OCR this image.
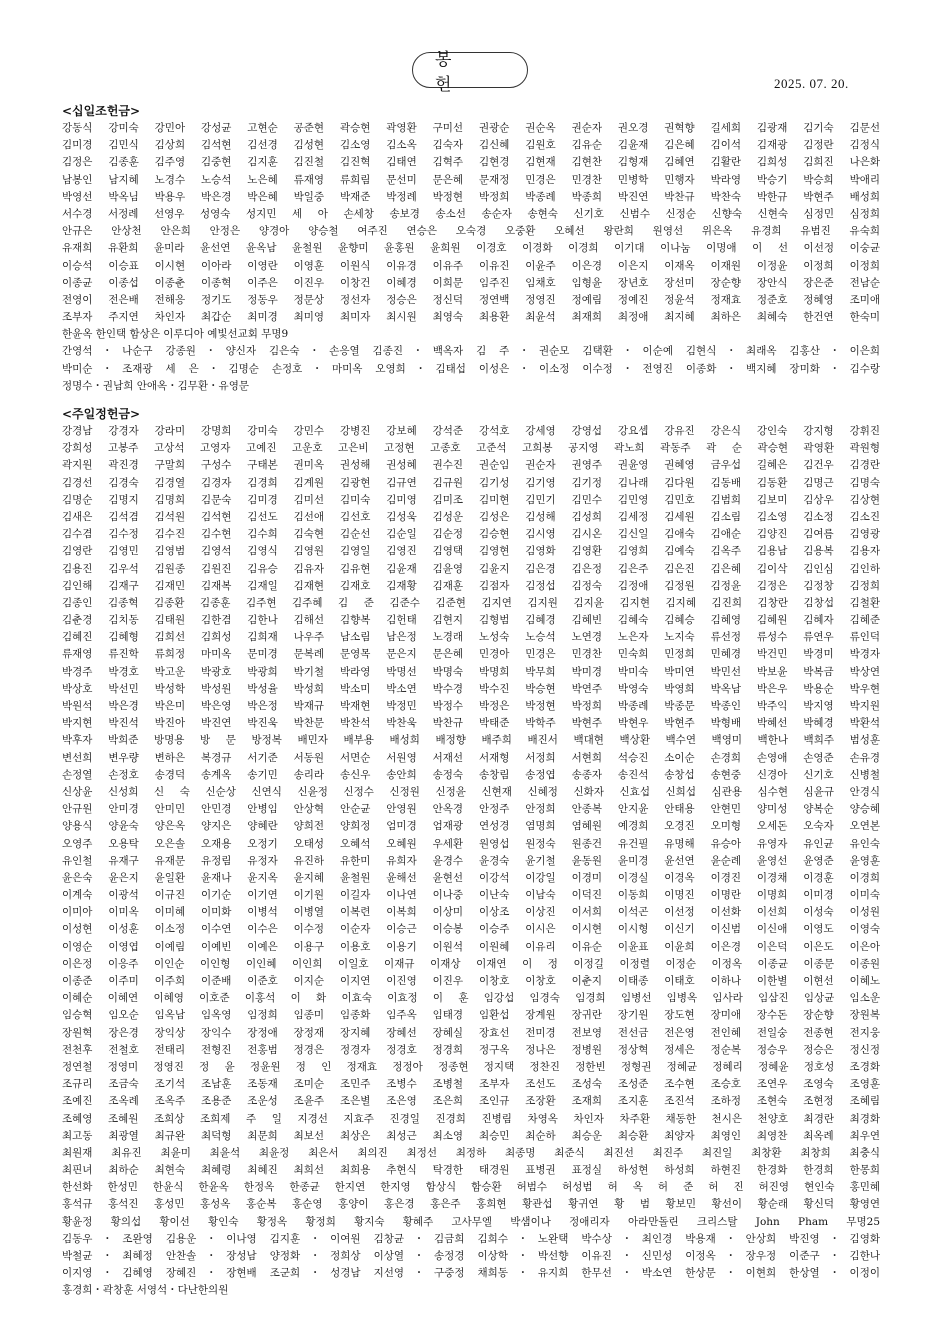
봉 헌	2025. 07. 20.
<십일조헌금>
강동식 강미숙 강민아 강성균 고현순 공준현 곽승현 곽영환 구미선 권광순 권순옥 권순자 권오경 권혁향 길세희 김광재 김기숙 김문선
김미경 김민식 김상희 김석현 김선경 김성현 김소영 김소옥 김숙자 김신혜 김원호 김유순 김윤재 김은혜 김이석 김재광 김정란 김정식
김정은 김종훈 김주영 김중현 김지훈 김진철 김진혁 김태연 김혁주 김현경 김현재 김현찬 김형재 김혜연 김활란 김희성 김희진 나은화
남봉인 남지혜 노경수 노승석 노은혜 류재영 류희림 문선미 문은혜 문재정 민경은 민경찬 민병학 민행자 박라영 박승기 박승희 박애리
박영선 박옥님 박용우 박은경 박은혜 박일중 박재준 박정례 박정현 박정희 박종례 박종희 박진연 박찬규 박찬숙 박한규 박현주 배성희
서수경 서정례 선영우 성영숙 성지민 세 아 손세창 송보경 송소선 송순자 송현숙 신기호 신범수 신정순 신향숙 신현숙 심정민 심정희
안규은 안상천 안은희 안정은 양경아 양승철 여주진 연승은 오숙경 오중환 오혜선 왕란희 원영선 위은옥 유경희 유범진 유숙희
유재희 유환희 윤미라 윤선연 윤옥남 윤철원 윤향미 윤홍원 윤희원 이경호 이경화 이경희 이기대 이나눔 이명애 이 선 이선정 이숭균
이승석 이승표 이시현 이아라 이영란 이영훈 이원식 이유경 이유주 이유진 이윤주 이은경 이은지 이재옥 이재원 이정윤 이정희 이정희
이종균 이종섭 이종춘 이종혁 이주은 이진우 이창건 이혜경 이희문 임주진 임채호 임형윤 장년호 장선미 장순향 장안식 장은준 전남순
전영이 전은배 전해응 정기도 정동우 정문상 정선자 정승은 정신덕 정연백 정영진 정예림 정예진 정윤석 정재효 정준호 정혜영 조미애
조부자 주지연 차인자 최갑순 최미경 최미영 최미자 최시원 최영숙 최용환 최윤석 최재희 최정애 최지혜 최하은 최혜숙 한건연 한숙미
한윤옥 한인택 함상은 이루디아 예빛선교회 무명9
간영석・나순구 강종원・양신자 김은숙・손응열 김종진・백옥자 김 주・권순모 김택환・이순예 김현식・최래옥 김홍산・이은희
박미순・조재광 세 은・김명순 손정호・마미옥 오영희・김태섭 이성은・이소정 이수정・전영진 이종화・백지혜 장미화・김수랑
정명수・권남희 안애옥・김무환・유영문
<주일정헌금>
강경남 강경자 강라미 강명희 강미숙 강민수 강병진 강보혜 강석준 강석호 강세영 강영섭 강요셉 강유진 강은식 강인숙 강지형 강휘진
강희성 고봉주 고상석 고영자 고예진 고운호 고은비 고정현 고종호 고준석 고희봉 공지영 곽노희 곽동주 곽 순 곽승현 곽영환 곽원형
곽지원 곽진경 구말희 구성수 구태본 권미옥 권성해 권성혜 권수진 권순임 권순자 권영주 권윤영 권혜영 금우섭 길혜은 김건우 김경란
김경선 김경숙 김경열 김경자 김경희 김계원 김광현 김규연 김규원 김기성 김기영 김기정 김나래 김다원 김동배 김동환 김명근 김명숙
김명순 김명지 김명희 김문숙 김미경 김미선 김미숙 김미영 김미조 김미현 김민기 김민수 김민영 김민호 김범희 김보미 김상우 김상현
김새은 김석겸 김석원 김석현 김선도 김선애 김선호 김성욱 김성운 김성은 김성해 김성희 김세정 김세원 김소림 김소영 김소정 김소진
김수겸 김수정 김수진 김수현 김수희 김숙현 김순선 김순일 김순정 김승현 김시영 김시온 김신일 김애숙 김애순 김양진 김여름 김영광
김영란 김영민 김영범 김영석 김영식 김영원 김영일 김영진 김영택 김영현 김영화 김영환 김영희 김예숙 김옥주 김용남 김용복 김용자
김용진 김우석 김원종 김원진 김유승 김유자 김유현 김윤재 김윤영 김윤지 김은경 김은정 김은주 김은진 김은혜 김이삭 김인심 김인하
김인해 김재구 김재민 김재복 김재일 김재현 김재호 김재황 김재훈 김점자 김정섭 김정숙 김정애 김정원 김정윤 김정은 김정창 김정희
김종인 김종혁 김종환 김종훈 김주현 김주혜 김 준 김준수 김준현 김지연 김지원 김지윤 김지현 김지혜 김진희 김창란 김창섭 김철환
김춘경 김치동 김태원 김한겸 김한나 김해선 김향복 김헌태 김현지 김형범 김혜경 김혜빈 김혜숙 김혜승 김혜영 김혜원 김혜자 김혜준
김혜진 김혜형 김희선 김희성 김희재 나우주 남소림 남은정 노경래 노성숙 노승석 노연경 노은자 노지숙 류선정 류성수 류연우 류인덕
류재영 류진학 류희정 마미옥 문미경 문복례 문영목 문은지 문은혜 민경아 민경은 민경찬 민숙희 민정희 민혜경 박건민 박경미 박경자
박경주 박경호 박고운 박광호 박광희 박기철 박라영 박명선 박명숙 박명희 박무희 박미경 박미숙 박미연 박민선 박보윤 박복금 박상연
박상호 박선민 박성학 박성원 박성율 박성희 박소미 박소연 박수경 박수진 박승현 박연주 박영숙 박영희 박옥남 박은우 박용순 박우현
박원석 박은경 박은미 박은영 박은정 박재규 박재현 박정민 박정수 박정은 박정현 박정희 박종례 박종문 박종인 박주익 박지영 박지원
박지현 박진석 박진아 박진연 박진욱 박찬문 박찬석 박찬욱 박찬규 박태준 박학주 박현주 박현우 박현주 박형배 박혜선 박혜경 박환석
박후자 박희준 방명용 방 문 방정복 배민자 배부용 배성희 배정향 배주희 배진서 백대현 백상환 백수연 백영미 백한나 백희주 범성훈
변선희 변우량 변하은 복경규 서기준 서동원 서면순 서원영 서재선 서재형 서정희 서현희 석승진 소이순 손경희 손영애 손영준 손유경
손정열 손정호 송경덕 송계옥 송기민 송리라 송신우 송안희 송정숙 송창림 송정엽 송종자 송진석 송창섭 송현중 신경아 신기호 신병철
신상윤 신성희 신 숙 신순상 신연식 신윤정 신정수 신정원 신정윤 신현재 신혜정 신화자 신효섭 신희섭 심관용 심수현 심윤규 안경식
안규원 안미경 안미민 안민경 안병임 안상혁 안순균 안영원 안옥경 안정주 안정희 안종복 안지윤 안태용 안현민 양미성 양복순 양승혜
양용식 양윤숙 양은옥 양지은 양혜란 양희전 양희정 엄미경 엄재광 연성경 염명희 염혜원 예경희 오경진 오미형 오세돈 오숙자 오연본
오영주 오용탁 오은솔 오재용 오정기 오태성 오혜석 오혜원 우세환 원영섭 원정숙 원종건 유건필 유명해 유승아 유영자 유인균 유인숙
유인철 유재구 유재문 유정림 유정자 유진하 유한미 유희자 윤경수 윤경숙 윤기철 윤동원 윤미경 윤선연 윤순례 윤영선 윤영준 윤영훈
윤은숙 윤은지 윤일환 윤재나 윤지옥 윤지혜 윤철원 윤해선 윤현선 이강석 이강일 이경미 이경실 이경옥 이경진 이경채 이경훈 이경희
이계숙 이광석 이규진 이기순 이기연 이기원 이길자 이나연 이나중 이난숙 이남숙 이덕진 이동희 이명진 이명란 이명희 이미경 이미숙
이미아 이미옥 이미혜 이미화 이병석 이병열 이복련 이복희 이상미 이상조 이상진 이서희 이석곤 이선정 이선화 이선희 이성숙 이성원
이성현 이성훈 이소정 이수연 이수은 이수정 이순자 이승근 이승봉 이승주 이시은 이시현 이시형 이신기 이신범 이신애 이영도 이영숙
이영순 이영엽 이예림 이예빈 이예은 이용구 이용호 이용기 이원석 이원혜 이유리 이유순 이윤표 이윤희 이은경 이은덕 이은도 이은아
이은정 이응주 이인순 이인형 이인혜 이인희 이일호 이재규 이재상 이재연 이 정 이정길 이정렬 이정순 이정옥 이종균 이종문 이종원
이종준 이주미 이주희 이준배 이준호 이지순 이지연 이진영 이진우 이창호 이창호 이춘지 이태종 이태호 이하나 이한별 이현선 이혜노
이혜순 이혜연 이혜영 이호준 이홍석 이 화 이효숙 이효정 이 훈 임강섭 임경숙 임경희 임병선 임병옥 임사라 임삼진 임상균 임소운
임승혁 임오순 임옥남 임옥영 임정희 임종미 임종화 임주옥 임태경 임환섭 장계원 장귀란 장기원 장도현 장미애 장수돈 장순향 장원복
장원혁 장은경 장익상 장익수 장정애 장정재 장지혜 장혜선 장혜실 장효선 전미경 전보영 전선금 전은영 전인혜 전일숭 전종현 전지웅
전천후 전철호 전태리 전형진 전홍범 정경은 정경자 정경호 정경희 정구옥 정나은 정병원 정상혁 정세은 정순복 정승우 정승은 정신정
정연철 정영미 정영진 정 윤 정윤원 정 인 정재효 정정아 정종현 정지택 정찬진 정한빈 정형권 정혜균 정혜리 정혜윤 정호성 조경화
조규리 조금숙 조기석 조남훈 조동재 조미순 조민주 조병수 조병철 조부자 조선도 조성숙 조성준 조수현 조승호 조연우 조영숙 조영훈
조예진 조옥례 조옥주 조용준 조운성 조윤주 조은별 조은영 조은희 조인규 조장환 조재희 조지훈 조진석 조하정 조현숙 조현정 조혜림
조혜영 조혜원 조희상 조희제 주 일 지경선 지효주 진경일 진경희 진병림 차영옥 차인자 차주환 채동한 천시은 천양호 최경란 최경화
최고동 최광열 최규완 최덕형 최문희 최보선 최상은 최성근 최소영 최승민 최순하 최승운 최승환 최양자 최영인 최영찬 최옥례 최우연
최원재 최유진 최윤미 최윤석 최윤정 최은서 최의진 최정선 최정하 최종명 최준식 최진선 최진주 최진일 최창환 최창희 최충식
최핀녀 최하순 최현숙 최혜령 최혜진 최희선 최희용 추현식 탁경한 태경원 표병권 표정실 하성현 하성희 하현진 한경화 한경희 한몽희
한선화 한성민 한윤식 한윤옥 한정옥 한종균 한지연 한지영 함상식 함승환 허범수 허성범 허 옥 허 준 허 진 허진영 현인숙 홍민혜
홍석규 홍석진 홍성민 홍성옥 홍순복 홍순영 홍양이 홍은경 홍은주 홍희현 황관섭 황귀연 황 범 황보민 황선이 황순래 황신덕 황영연
황윤정 황의섭 황이선 황인숙 황정옥 황정희 황지숙 황혜주 고사무엘 박샘이나 정애리자 아라만돌린 크리스탈 John Pham 무명25
김동우・조완영 김용운・이나영 김지훈・이여원 김창균・김금희 김희수・노완택 박수상・최인경 박용재・안상희 박진영・김영화
박철균・최혜정 안찬솔・장성남 양정화・정희상 이상열・송정경 이상학・박선향 이유진・신민성 이정옥・장우정 이준구・김한나
이지영・김혜영 장혜진・장현배 조군희・성경남 지선영・구중정 채희동・유지희 한무선・박소연 한상문・이현희 한상열・이정이
홍경희・곽창훈 서영석・다난한의원
